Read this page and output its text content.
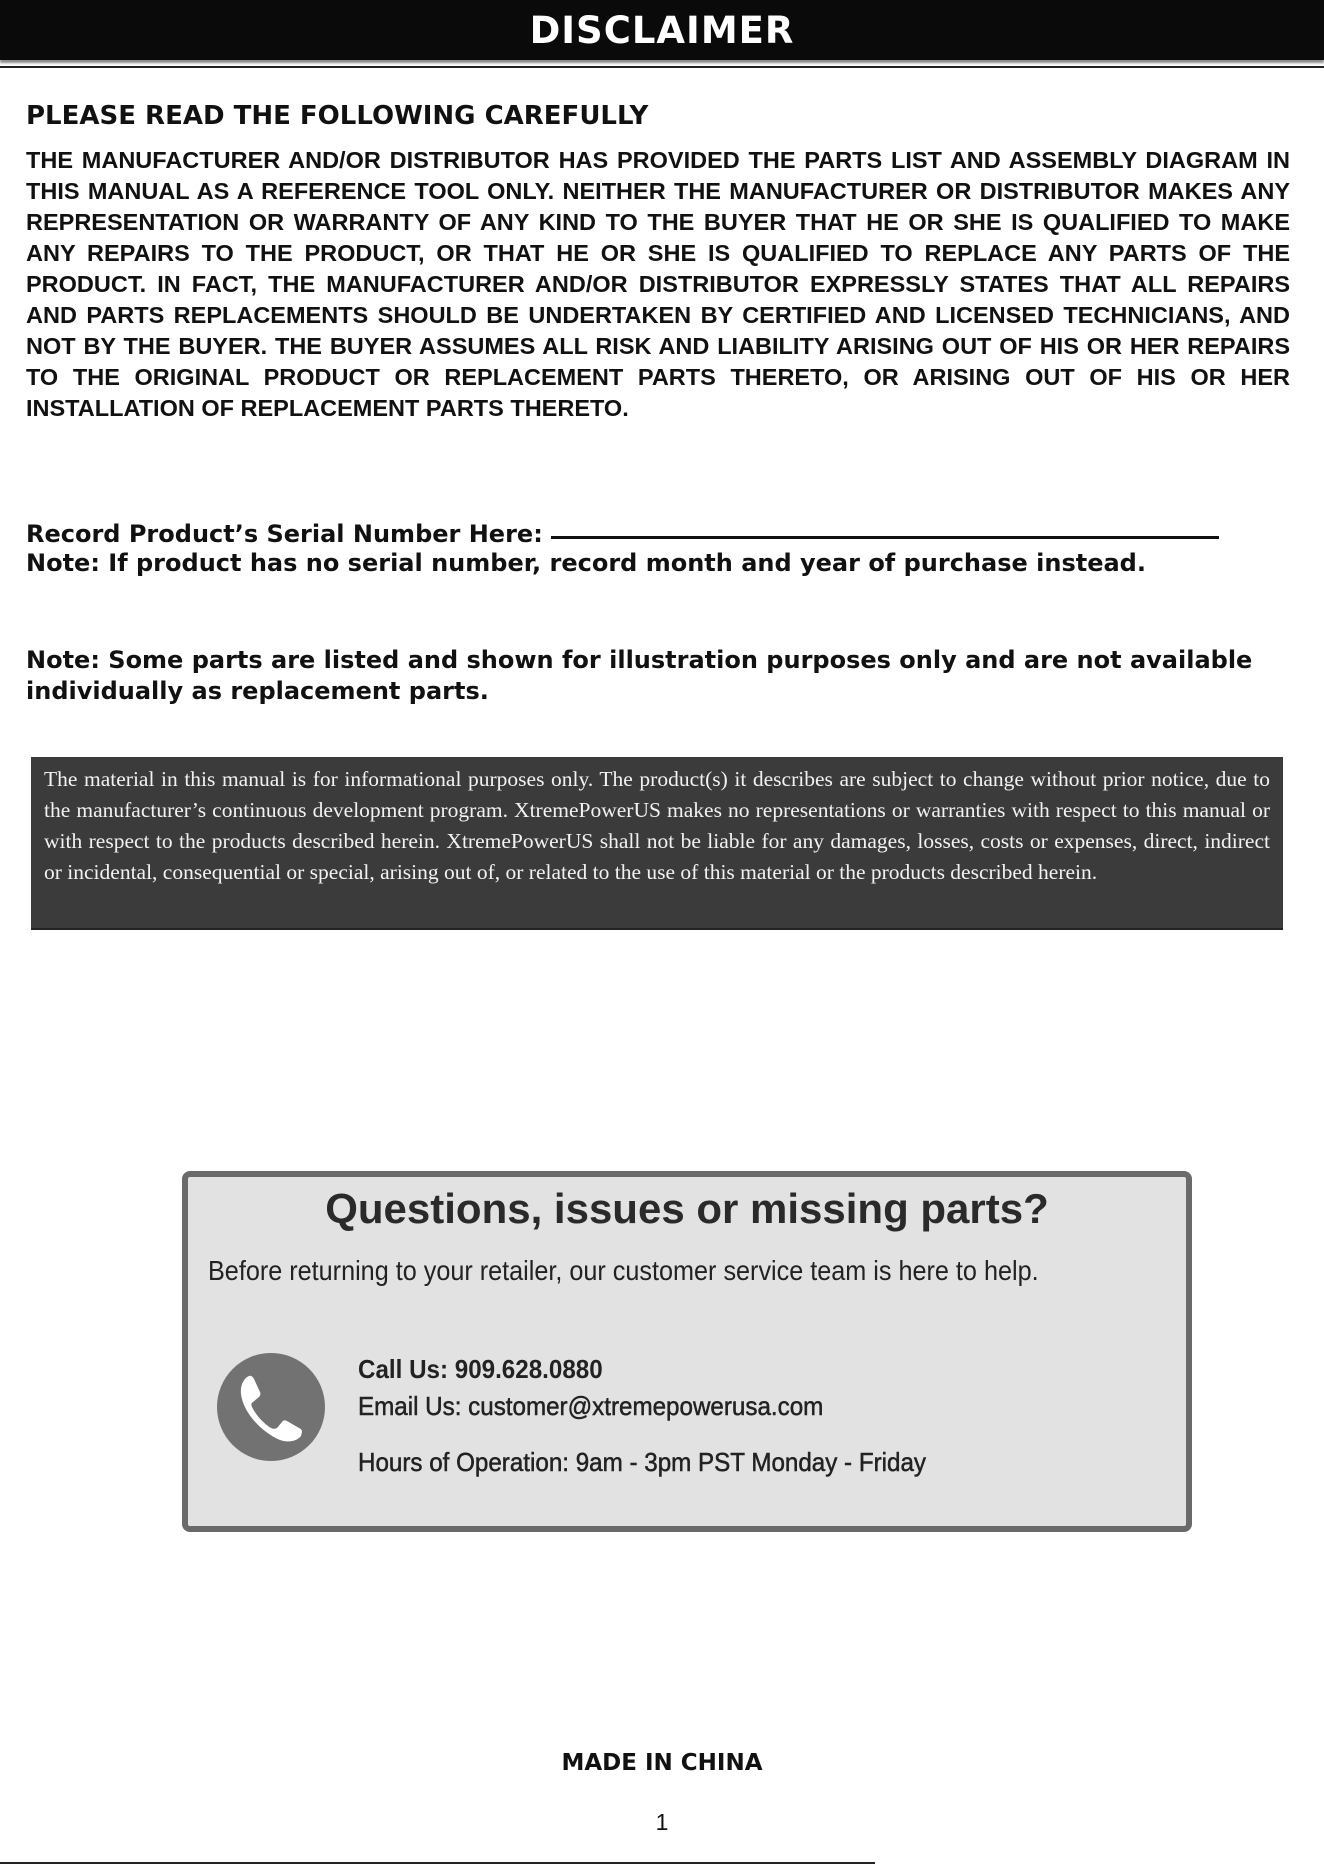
DISCLAIMER
PLEASE READ THE FOLLOWING CAREFULLY
THE MANUFACTURER AND/OR DISTRIBUTOR HAS PROVIDED THE PARTS LIST AND ASSEMBLY DIAGRAM IN THIS MANUAL AS A REFERENCE TOOL ONLY. NEITHER THE MANUFACTURER OR DISTRIBUTOR MAKES ANY REPRESENTATION OR WARRANTY OF ANY KIND TO THE BUYER THAT HE OR SHE IS QUALIFIED TO MAKE ANY REPAIRS TO THE PRODUCT, OR THAT HE OR SHE IS QUALIFIED TO REPLACE ANY PARTS OF THE PRODUCT. IN FACT, THE MANUFACTURER AND/OR DISTRIBUTOR EXPRESSLY STATES THAT ALL REPAIRS AND PARTS REPLACEMENTS SHOULD BE UNDERTAKEN BY CERTIFIED AND LICENSED TECHNICIANS, AND NOT BY THE BUYER. THE BUYER ASSUMES ALL RISK AND LIABILITY ARISING OUT OF HIS OR HER REPAIRS TO THE ORIGINAL PRODUCT OR REPLACEMENT PARTS THERETO, OR ARISING OUT OF HIS OR HER INSTALLATION OF REPLACEMENT PARTS THERETO.
Record Product’s Serial Number Here:
Note: If product has no serial number, record month and year of purchase instead.
Note: Some parts are listed and shown for illustration purposes only and are not available individually as replacement parts.
The material in this manual is for informational purposes only. The product(s) it describes are subject to change without prior notice, due to the manufacturer’s continuous development program. XtremePowerUS makes no representations or warranties with respect to this manual or with respect to the products described herein. XtremePowerUS shall not be liable for any damages, losses, costs or expenses, direct, indirect or incidental, consequential or special, arising out of, or related to the use of this material or the products described herein.
Questions, issues or missing parts?
Before returning to your retailer, our customer service team is here to help.
Call Us: 909.628.0880
Email Us: customer@xtremepowerusa.com
Hours of Operation: 9am - 3pm PST Monday - Friday
MADE IN CHINA
1
